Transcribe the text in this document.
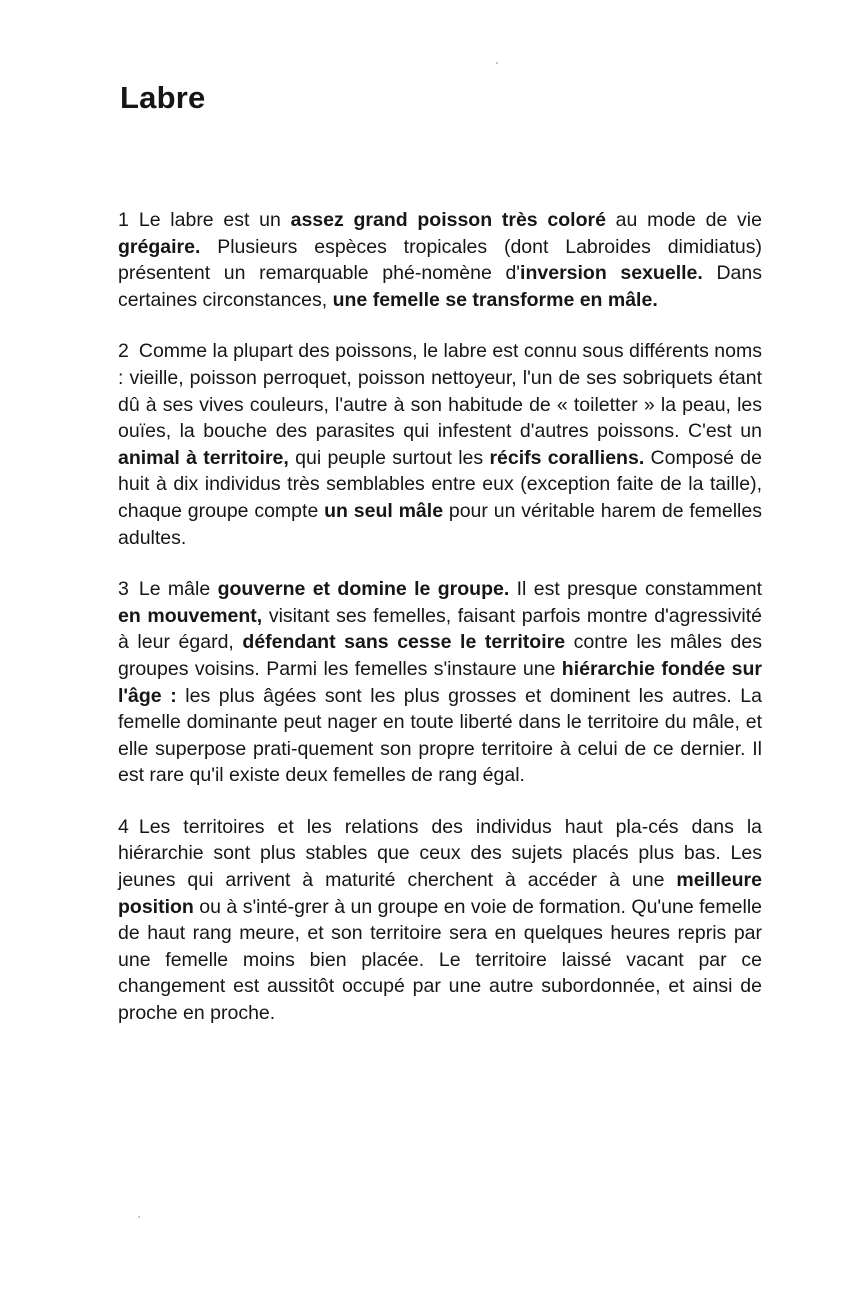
Labre

1 Le labre est un assez grand poisson très coloré au mode de vie grégaire. Plusieurs espèces tropicales (dont Labroides dimidiatus) présentent un remarquable phé-nomène d'inversion sexuelle. Dans certaines circonstances, une femelle se transforme en mâle.

2 Comme la plupart des poissons, le labre est connu sous différents noms : vieille, poisson perroquet, poisson nettoyeur, l'un de ses sobriquets étant dû à ses vives couleurs, l'autre à son habitude de « toiletter » la peau, les ouïes, la bouche des parasites qui infestent d'autres poissons. C'est un animal à territoire, qui peuple surtout les récifs coralliens. Composé de huit à dix individus très semblables entre eux (exception faite de la taille), chaque groupe compte un seul mâle pour un véritable harem de femelles adultes.

3 Le mâle gouverne et domine le groupe. Il est presque constamment en mouvement, visitant ses femelles, faisant parfois montre d'agressivité à leur égard, défendant sans cesse le territoire contre les mâles des groupes voisins. Parmi les femelles s'instaure une hiérarchie fondée sur l'âge : les plus âgées sont les plus grosses et dominent les autres. La femelle dominante peut nager en toute liberté dans le territoire du mâle, et elle superpose prati-quement son propre territoire à celui de ce dernier. Il est rare qu'il existe deux femelles de rang égal.

4 Les territoires et les relations des individus haut pla-cés dans la hiérarchie sont plus stables que ceux des sujets placés plus bas. Les jeunes qui arrivent à maturité cherchent à accéder à une meilleure position ou à s'inté-grer à un groupe en voie de formation. Qu'une femelle de haut rang meure, et son territoire sera en quelques heures repris par une femelle moins bien placée. Le territoire laissé vacant par ce changement est aussitôt occupé par une autre subordonnée, et ainsi de proche en proche.
